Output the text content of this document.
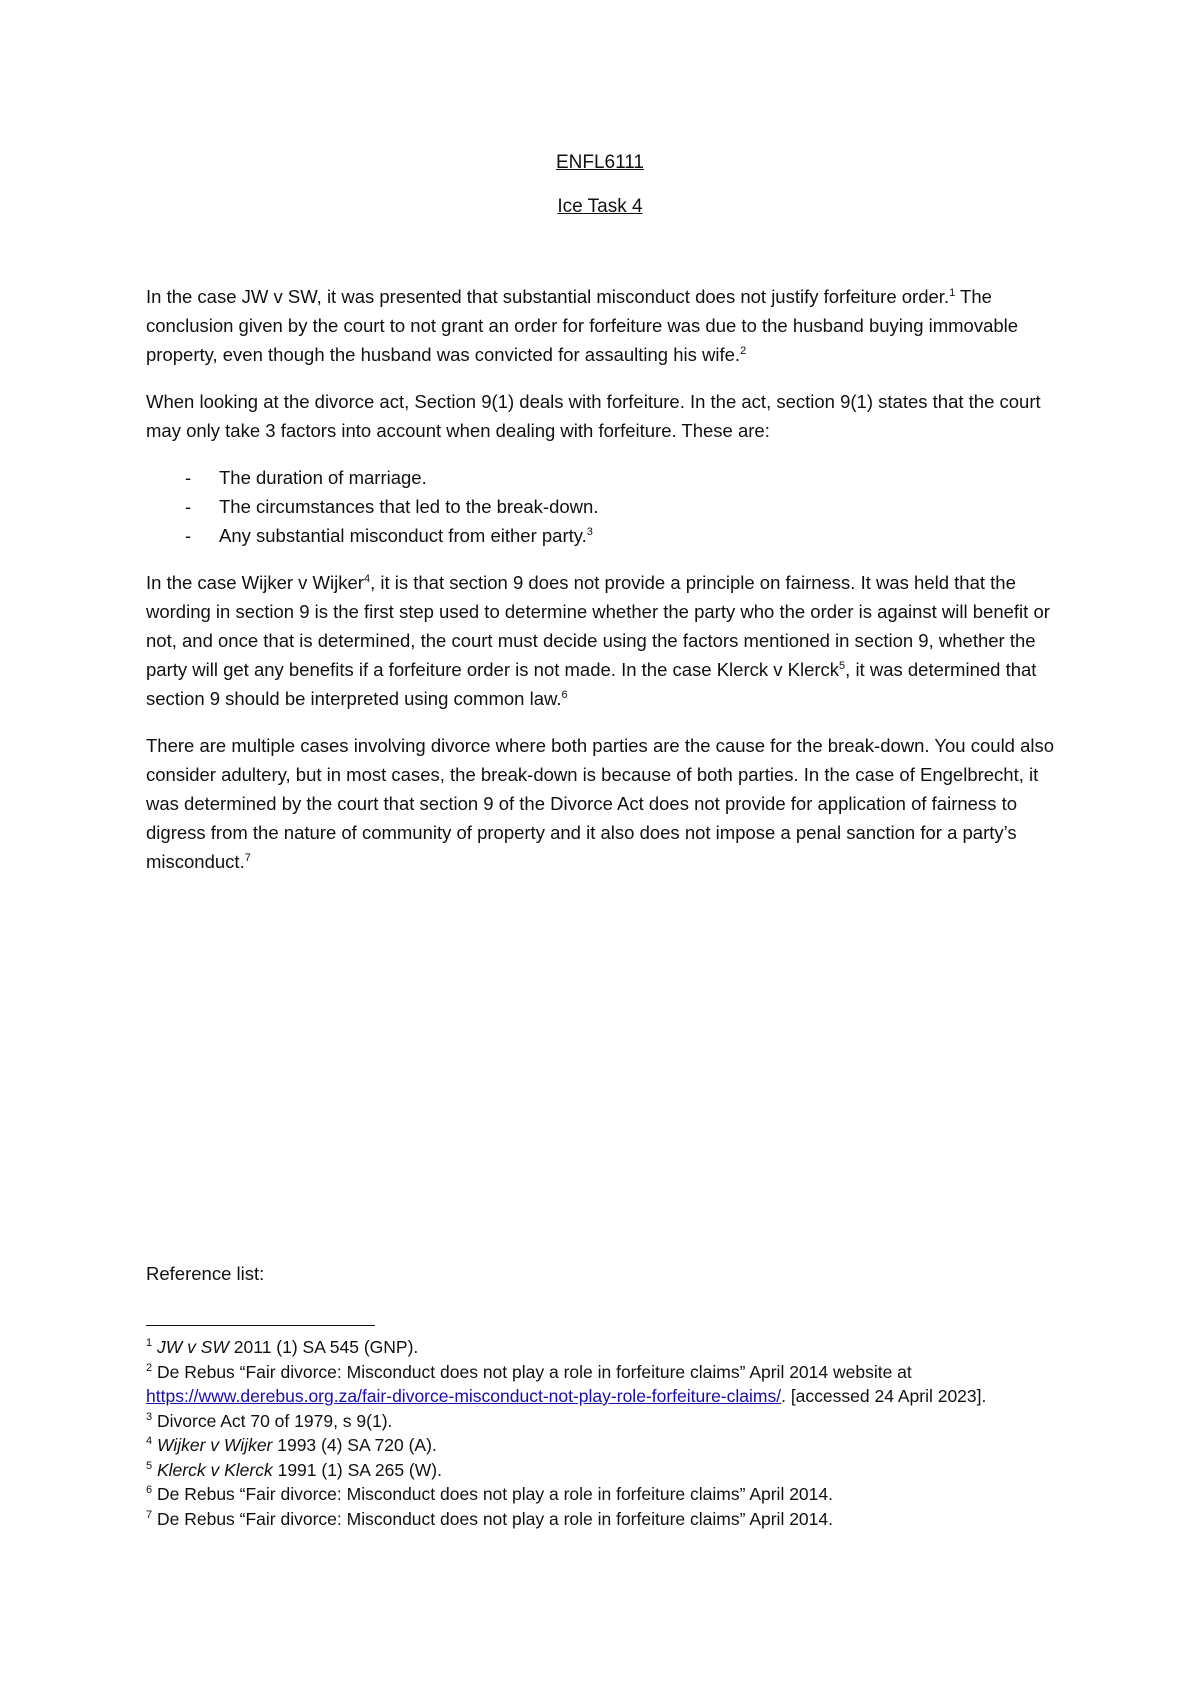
ENFL6111
Ice Task 4

In the case JW v SW, it was presented that substantial misconduct does not justify forfeiture order.$^1$ The conclusion given by the court to not grant an order for forfeiture was due to the husband buying immovable property, even though the husband was convicted for assaulting his wife.$^2$

When looking at the divorce act, Section 9(1) deals with forfeiture. In the act, section 9(1) states that the court may only take 3 factors into account when dealing with forfeiture. These are:

- The duration of marriage.
- The circumstances that led to the break-down.
- Any substantial misconduct from either party.$^3$

In the case Wijker v Wijker$^4$, it is that section 9 does not provide a principle on fairness. It was held that the wording in section 9 is the first step used to determine whether the party who the order is against will benefit or not, and once that is determined, the court must decide using the factors mentioned in section 9, whether the party will get any benefits if a forfeiture order is not made. In the case Klerck v Klerck$^5$, it was determined that section 9 should be interpreted using common law.$^6$

There are multiple cases involving divorce where both parties are the cause for the break-down. You could also consider adultery, but in most cases, the break-down is because of both parties. In the case of Engelbrecht, it was determined by the court that section 9 of the Divorce Act does not provide for application of fairness to digress from the nature of community of property and it also does not impose a penal sanction for a party’s misconduct.$^7$

Reference list:

$^1$ JW v SW 2011 (1) SA 545 (GNP).

$^2$ De Rebus “Fair divorce: Misconduct does not play a role in forfeiture claims” April 2014 website at https://www.derebus.org.za/fair-divorce-misconduct-not-play-role-forfeiture-claims/. [accessed 24 April 2023].

$^3$ Divorce Act 70 of 1979, s 9(1).

$^4$ Wijker v Wijker 1993 (4) SA 720 (A).

$^5$ Klerck v Klerck 1991 (1) SA 265 (W).

$^6$ De Rebus “Fair divorce: Misconduct does not play a role in forfeiture claims” April 2014.

$^7$ De Rebus “Fair divorce: Misconduct does not play a role in forfeiture claims” April 2014.
